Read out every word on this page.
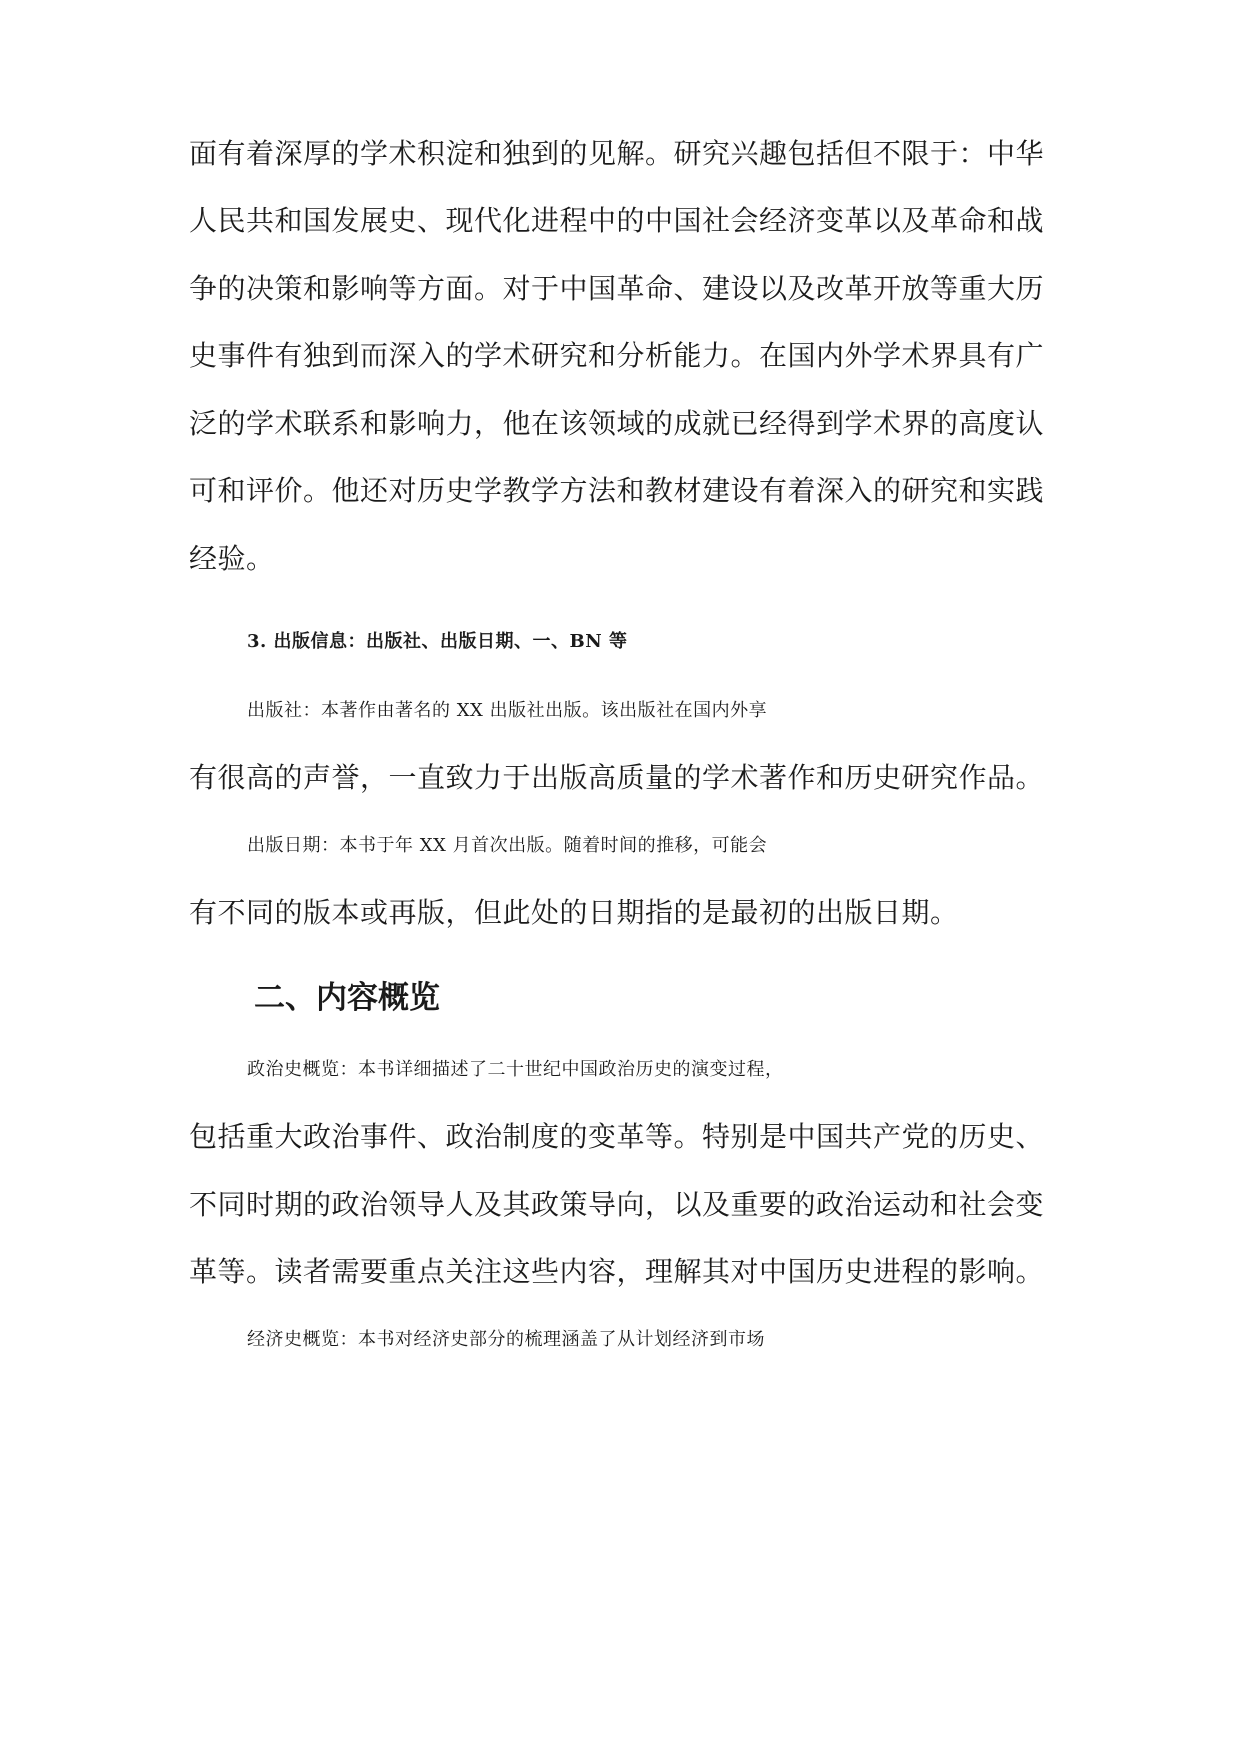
面有着深厚的学术积淀和独到的见解。研究兴趣包括但不限于：中华
人民共和国发展史、现代化进程中的中国社会经济变革以及革命和战
争的决策和影响等方面。对于中国革命、建设以及改革开放等重大历
史事件有独到而深入的学术研究和分析能力。在国内外学术界具有广
泛的学术联系和影响力，他在该领域的成就已经得到学术界的高度认
可和评价。他还对历史学教学方法和教材建设有着深入的研究和实践
经验。
3. 出版信息：出版社、出版日期、一、BN 等
出版社：本著作由著名的 XX 出版社出版。该出版社在国内外享
有很高的声誉，一直致力于出版高质量的学术著作和历史研究作品。
出版日期：本书于年 XX 月首次出版。随着时间的推移，可能会
有不同的版本或再版，但此处的日期指的是最初的出版日期。
二、内容概览
政治史概览：本书详细描述了二十世纪中国政治历史的演变过程，
包括重大政治事件、政治制度的变革等。特别是中国共产党的历史、
不同时期的政治领导人及其政策导向，以及重要的政治运动和社会变
革等。读者需要重点关注这些内容，理解其对中国历史进程的影响。
经济史概览：本书对经济史部分的梳理涵盖了从计划经济到市场
